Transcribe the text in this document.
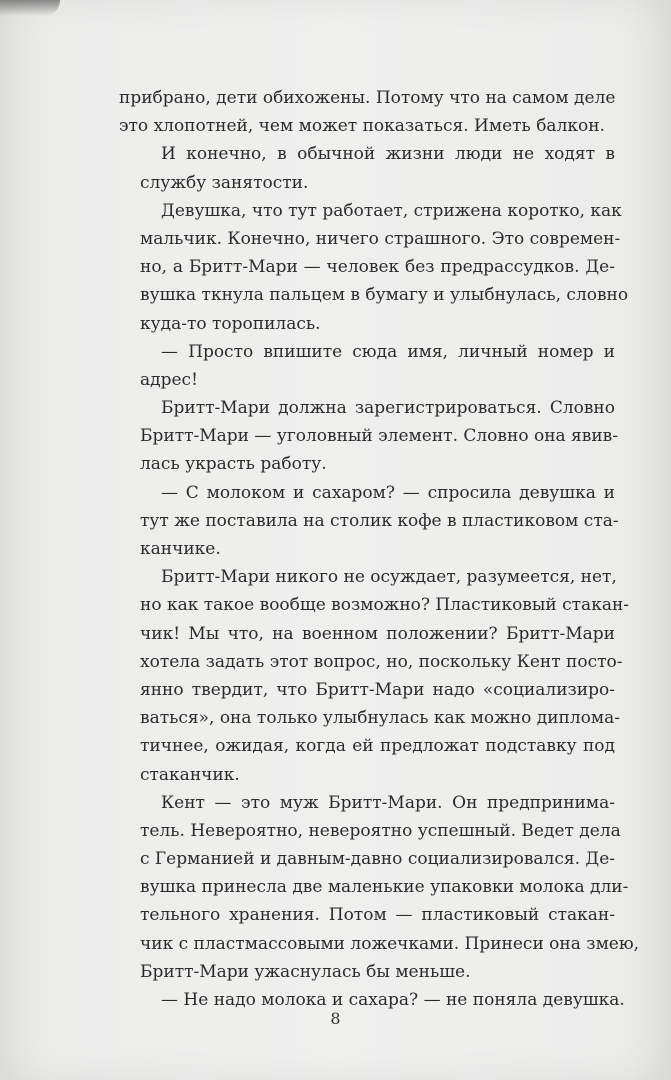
прибрано, дети обихожены. Потому что на самом деле
это хлопотней, чем может показаться. Иметь балкон.
И конечно, в обычной жизни люди не ходят в
службу занятости.
Девушка, что тут работает, стрижена коротко, как
мальчик. Конечно, ничего страшного. Это современ-
но, а Бритт-Мари — человек без предрассудков. Де-
вушка ткнула пальцем в бумагу и улыбнулась, словно
куда-то торопилась.
— Просто впишите сюда имя, личный номер и
адрес!
Бритт-Мари должна зарегистрироваться. Словно
Бритт-Мари — уголовный элемент. Словно она явив-
лась украсть работу.
— С молоком и сахаром? — спросила девушка и
тут же поставила на столик кофе в пластиковом ста-
канчике.
Бритт-Мари никого не осуждает, разумеется, нет,
но как такое вообще возможно? Пластиковый стакан-
чик! Мы что, на военном положении? Бритт-Мари
хотела задать этот вопрос, но, поскольку Кент посто-
янно твердит, что Бритт-Мари надо «социализиро-
ваться», она только улыбнулась как можно диплома-
тичнее, ожидая, когда ей предложат подставку под
стаканчик.
Кент — это муж Бритт-Мари. Он предпринима-
тель. Невероятно, невероятно успешный. Ведет дела
с Германией и давным-давно социализировался. Де-
вушка принесла две маленькие упаковки молока дли-
тельного хранения. Потом — пластиковый стакан-
чик с пластмассовыми ложечками. Принеси она змею,
Бритт-Мари ужаснулась бы меньше.
— Не надо молока и сахара? — не поняла девушка.
8
